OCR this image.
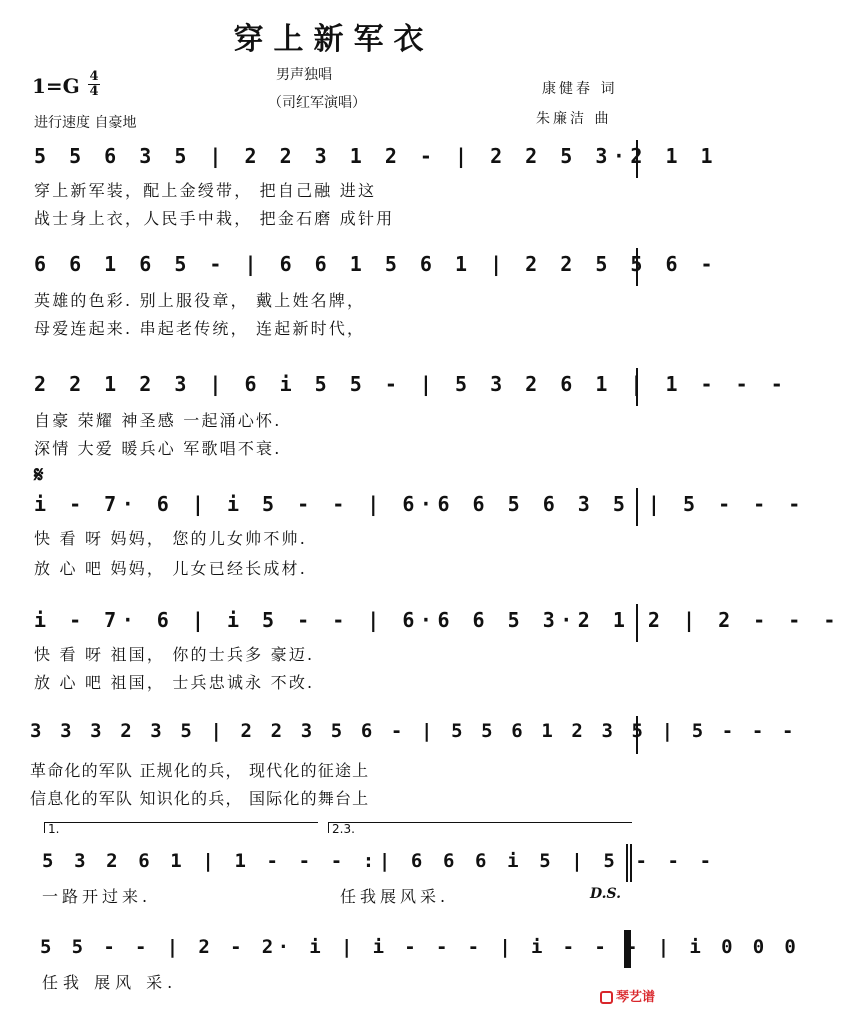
穿上新军衣
$1=G \frac{4}{4}$	男声独唱
（司红军演唱）
康健春 词
朱廉洁 曲
进行速度 自豪地
5 5 6 3 5 | 2 2 3 1 2 - | 2 2 5 3·2 1 1
穿上新军装，配上金绶带， 把自己融 进这
战士身上衣，人民手中栽， 把金石磨 成针用
6 6 1 6 5 - | 6 6 1 5 6 1 | 2 2 5 5 6 -
英雄的色彩. 别上服役章， 戴上姓名牌，
母爱连起来. 串起老传统， 连起新时代，
2 2 1 2 3 | 6 i 5 5 - | 5 3 2 6 1 | 1 - - -
自豪 荣耀 神圣感 一起涌心怀.
深情 大爱 暖兵心 军歌唱不衰.
𝄋
i - 7· 6 | i 5 - - | 6·6 6 5 6 3 5 | 5 - - -
快 看 呀 妈妈， 您的儿女帅不帅.
放 心 吧 妈妈， 儿女已经长成材.
i - 7· 6 | i 5 - - | 6·6 6 5 3·2 1 2 | 2 - - -
快 看 呀 祖国， 你的士兵多 豪迈.
放 心 吧 祖国， 士兵忠诚永 不改.
3 3 3 2 3 5 | 2 2 3 5 6 - | 5 5 6 1 2 3 5 | 5 - - -
革命化的军队 正规化的兵， 现代化的征途上
信息化的军队 知识化的兵， 国际化的舞台上
1.	2.3.
5 3 2 6 1 | 1 - - - :| 6 6 6 i 5 | 5 - - -
一路开过来.	任我展风采.	D.S.
5 5 - - | 2 - 2· i | i - - - | i - - - | i 0 0 0
任我 展风 采.
琴艺谱
